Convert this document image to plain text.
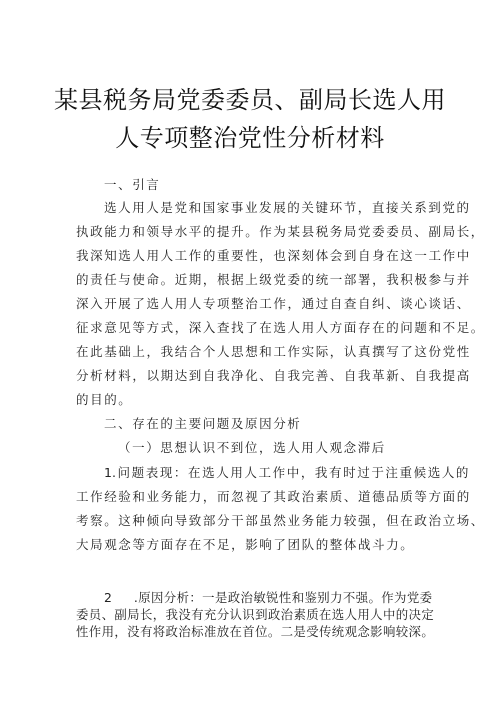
某县税务局党委委员、副局长选人用
人专项整治党性分析材料
一、引言
选人用人是党和国家事业发展的关键环节，直接关系到党的
执政能力和领导水平的提升。作为某县税务局党委委员、副局长，
我深知选人用人工作的重要性，也深刻体会到自身在这一工作中
的责任与使命。近期，根据上级党委的统一部署，我积极参与并
深入开展了选人用人专项整治工作，通过自查自纠、谈心谈话、
征求意见等方式，深入查找了在选人用人方面存在的问题和不足。
在此基础上，我结合个人思想和工作实际，认真撰写了这份党性
分析材料，以期达到自我净化、自我完善、自我革新、自我提高
的目的。
二、存在的主要问题及原因分析
（一）思想认识不到位，选人用人观念滞后
1.问题表现：在选人用人工作中，我有时过于注重候选人的
工作经验和业务能力，而忽视了其政治素质、道德品质等方面的
考察。这种倾向导致部分干部虽然业务能力较强，但在政治立场、
大局观念等方面存在不足，影响了团队的整体战斗力。
2 .原因分析：一是政治敏锐性和鉴别力不强。作为党委
委员、副局长，我没有充分认识到政治素质在选人用人中的决定
性作用，没有将政治标准放在首位。二是受传统观念影响较深。
